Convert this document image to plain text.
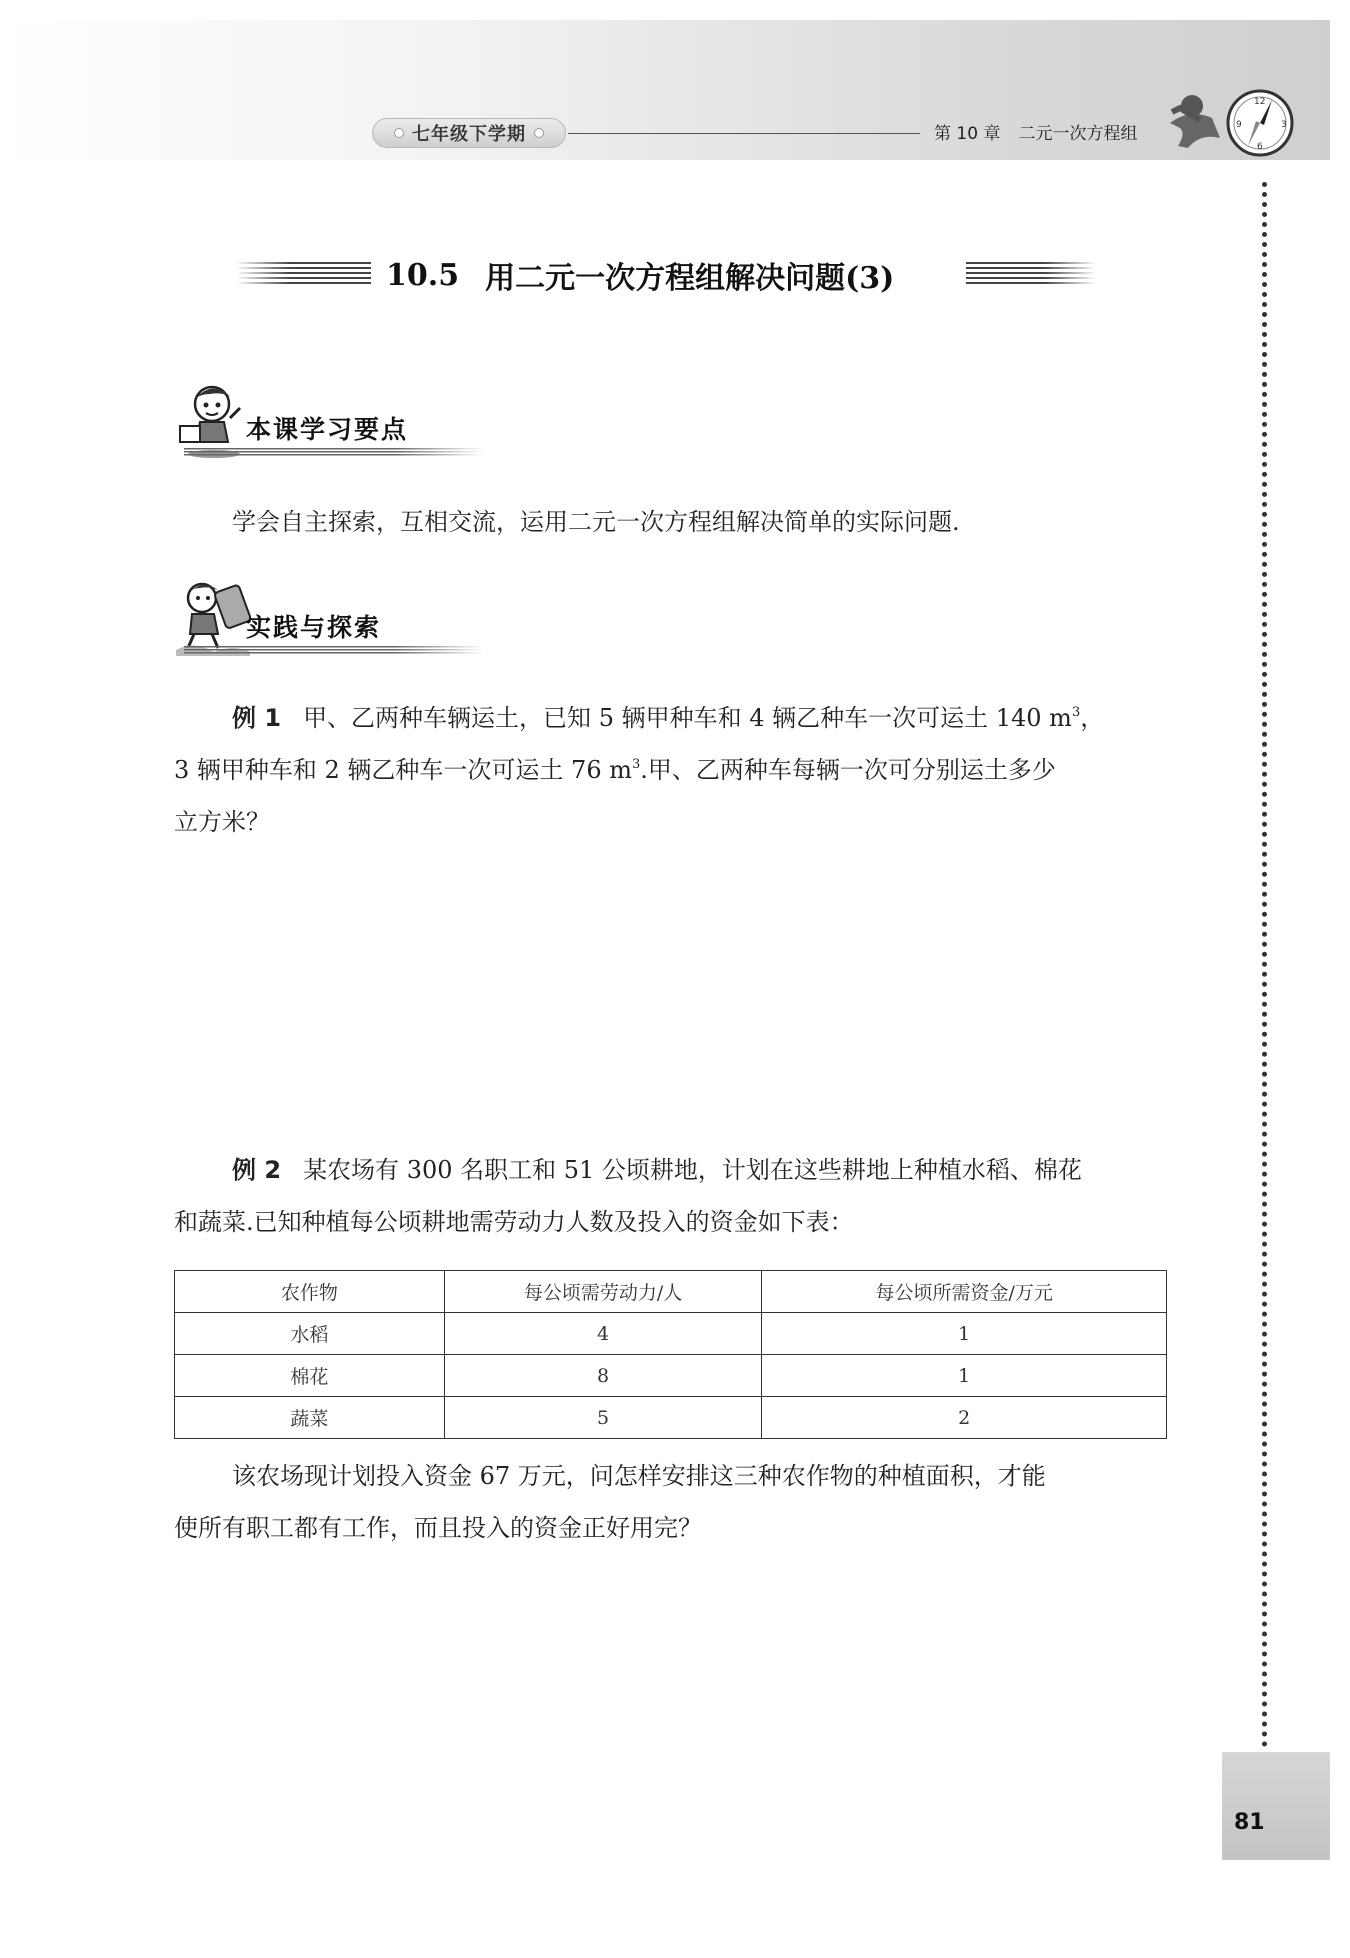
七年级下学期	第 10 章 二元一次方程组
12
3
6
9
10.5 用二元一次方程组解决问题(3)
本课学习要点
学会自主探索，互相交流，运用二元一次方程组解决简单的实际问题.
实践与探索
例 1 甲、乙两种车辆运土，已知 5 辆甲种车和 4 辆乙种车一次可运土 140 $m^3$，
3 辆甲种车和 2 辆乙种车一次可运土 76 $m^3$.甲、乙两种车每辆一次可分别运土多少
立方米？
例 2 某农场有 300 名职工和 51 公顷耕地，计划在这些耕地上种植水稻、棉花
和蔬菜.已知种植每公顷耕地需劳动力人数及投入的资金如下表：
农作物	每公顷需劳动力/人	每公顷所需资金/万元
水稻	4	1
棉花	8	1
蔬菜	5	2
该农场现计划投入资金 67 万元，问怎样安排这三种农作物的种植面积，才能
使所有职工都有工作，而且投入的资金正好用完？
81
